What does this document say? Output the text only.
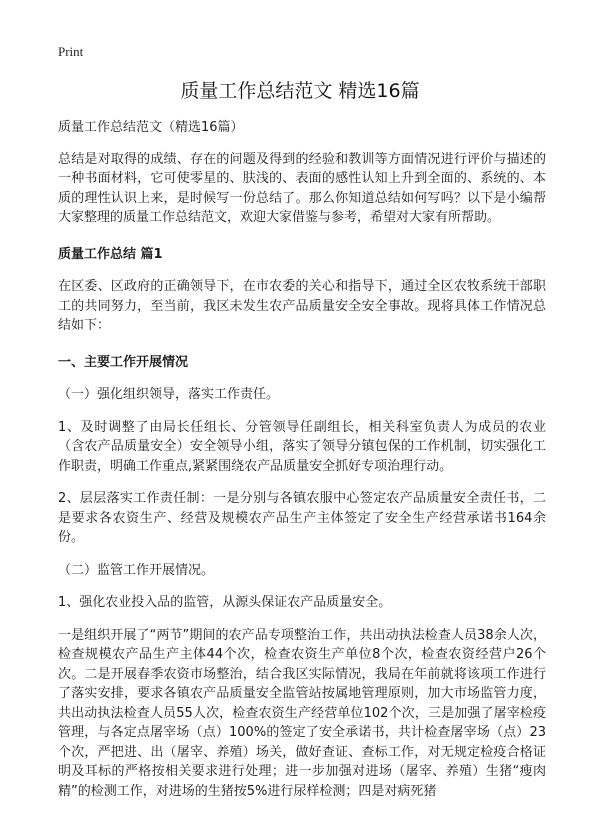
Print
质量工作总结范文 精选16篇

质量工作总结范文（精选16篇）

总结是对取得的成绩、存在的问题及得到的经验和教训等方面情况进行评价与描述的一种书面材料，它可使零星的、肤浅的、表面的感性认知上升到全面的、系统的、本质的理性认识上来，是时候写一份总结了。那么你知道总结如何写吗？以下是小编帮大家整理的质量工作总结范文，欢迎大家借鉴与参考，希望对大家有所帮助。

质量工作总结 篇1

在区委、区政府的正确领导下，在市农委的关心和指导下，通过全区农牧系统干部职工的共同努力，至当前，我区未发生农产品质量安全安全事故。现将具体工作情况总结如下：

一、主要工作开展情况

（一）强化组织领导，落实工作责任。

1、及时调整了由局长任组长、分管领导任副组长，相关科室负责人为成员的农业（含农产品质量安全）安全领导小组，落实了领导分镇包保的工作机制，切实强化工作职责，明确工作重点,紧紧围绕农产品质量安全抓好专项治理行动。

2、层层落实工作责任制：一是分别与各镇农服中心签定农产品质量安全责任书，二是要求各农资生产、经营及规模农产品生产主体签定了安全生产经营承诺书164余份。

（二）监管工作开展情况。

1、强化农业投入品的监管，从源头保证农产品质量安全。

一是组织开展了“两节”期间的农产品专项整治工作，共出动执法检查人员38余人次，检查规模农产品生产主体44个次，检查农资生产单位8个次，检查农资经营户26个次。二是开展春季农资市场整治，结合我区实际情况，我局在年前就将该项工作进行了落实安排，要求各镇农产品质量安全监管站按属地管理原则，加大市场监管力度，共出动执法检查人员55人次，检查农资生产经营单位102个次，三是加强了屠宰检疫管理，与各定点屠宰场（点）100%的签定了安全承诺书，共计检查屠宰场（点）23个次，严把进、出（屠宰、养殖）场关，做好查证、查标工作，对无规定检疫合格证明及耳标的严格按相关要求进行处理；进一步加强对进场（屠宰、养殖）生猪“瘦肉精”的检测工作，对进场的生猪按5%进行尿样检测；四是对病死猪
